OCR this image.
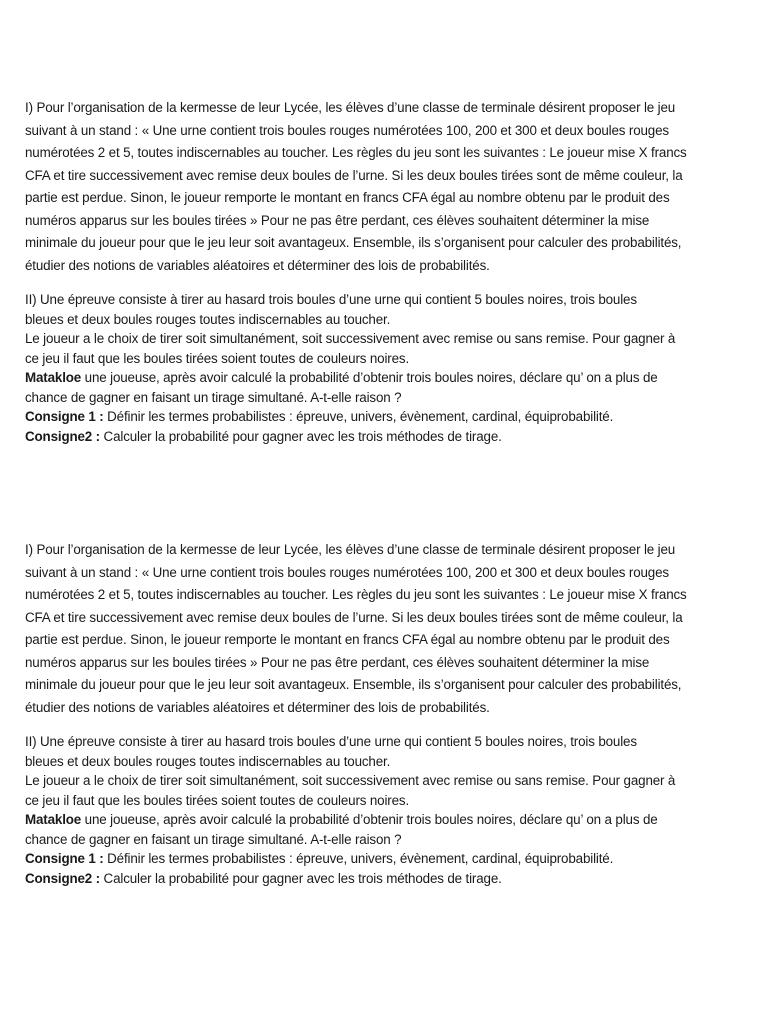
I) Pour l’organisation de la kermesse de leur Lycée, les élèves d’une classe de terminale désirent proposer le jeu
suivant à un stand : « Une urne contient trois boules rouges numérotées 100, 200 et 300 et deux boules rouges
numérotées 2 et 5, toutes indiscernables au toucher. Les règles du jeu sont les suivantes : Le joueur mise X francs
CFA et tire successivement avec remise deux boules de l’urne. Si les deux boules tirées sont de même couleur, la
partie est perdue. Sinon, le joueur remporte le montant en francs CFA égal au nombre obtenu par le produit des
numéros apparus sur les boules tirées » Pour ne pas être perdant, ces élèves souhaitent déterminer la mise
minimale du joueur pour que le jeu leur soit avantageux. Ensemble, ils s’organisent pour calculer des probabilités,
étudier des notions de variables aléatoires et déterminer des lois de probabilités.
II) Une épreuve consiste à tirer au hasard trois boules d’une urne qui contient 5 boules noires, trois boules
bleues et deux boules rouges toutes indiscernables au toucher.
Le joueur a le choix de tirer soit simultanément, soit successivement avec remise ou sans remise. Pour gagner à
ce jeu il faut que les boules tirées soient toutes de couleurs noires.
Matakloe une joueuse, après avoir calculé la probabilité d’obtenir trois boules noires, déclare qu’ on a plus de
chance de gagner en faisant un tirage simultané. A-t-elle raison ?
Consigne 1 : Définir les termes probabilistes : épreuve, univers, évènement, cardinal, équiprobabilité.
Consigne2 : Calculer la probabilité pour gagner avec les trois méthodes de tirage.
I) Pour l’organisation de la kermesse de leur Lycée, les élèves d’une classe de terminale désirent proposer le jeu
suivant à un stand : « Une urne contient trois boules rouges numérotées 100, 200 et 300 et deux boules rouges
numérotées 2 et 5, toutes indiscernables au toucher. Les règles du jeu sont les suivantes : Le joueur mise X francs
CFA et tire successivement avec remise deux boules de l’urne. Si les deux boules tirées sont de même couleur, la
partie est perdue. Sinon, le joueur remporte le montant en francs CFA égal au nombre obtenu par le produit des
numéros apparus sur les boules tirées » Pour ne pas être perdant, ces élèves souhaitent déterminer la mise
minimale du joueur pour que le jeu leur soit avantageux. Ensemble, ils s’organisent pour calculer des probabilités,
étudier des notions de variables aléatoires et déterminer des lois de probabilités.
II) Une épreuve consiste à tirer au hasard trois boules d’une urne qui contient 5 boules noires, trois boules
bleues et deux boules rouges toutes indiscernables au toucher.
Le joueur a le choix de tirer soit simultanément, soit successivement avec remise ou sans remise. Pour gagner à
ce jeu il faut que les boules tirées soient toutes de couleurs noires.
Matakloe une joueuse, après avoir calculé la probabilité d’obtenir trois boules noires, déclare qu’ on a plus de
chance de gagner en faisant un tirage simultané. A-t-elle raison ?
Consigne 1 : Définir les termes probabilistes : épreuve, univers, évènement, cardinal, équiprobabilité.
Consigne2 : Calculer la probabilité pour gagner avec les trois méthodes de tirage.
